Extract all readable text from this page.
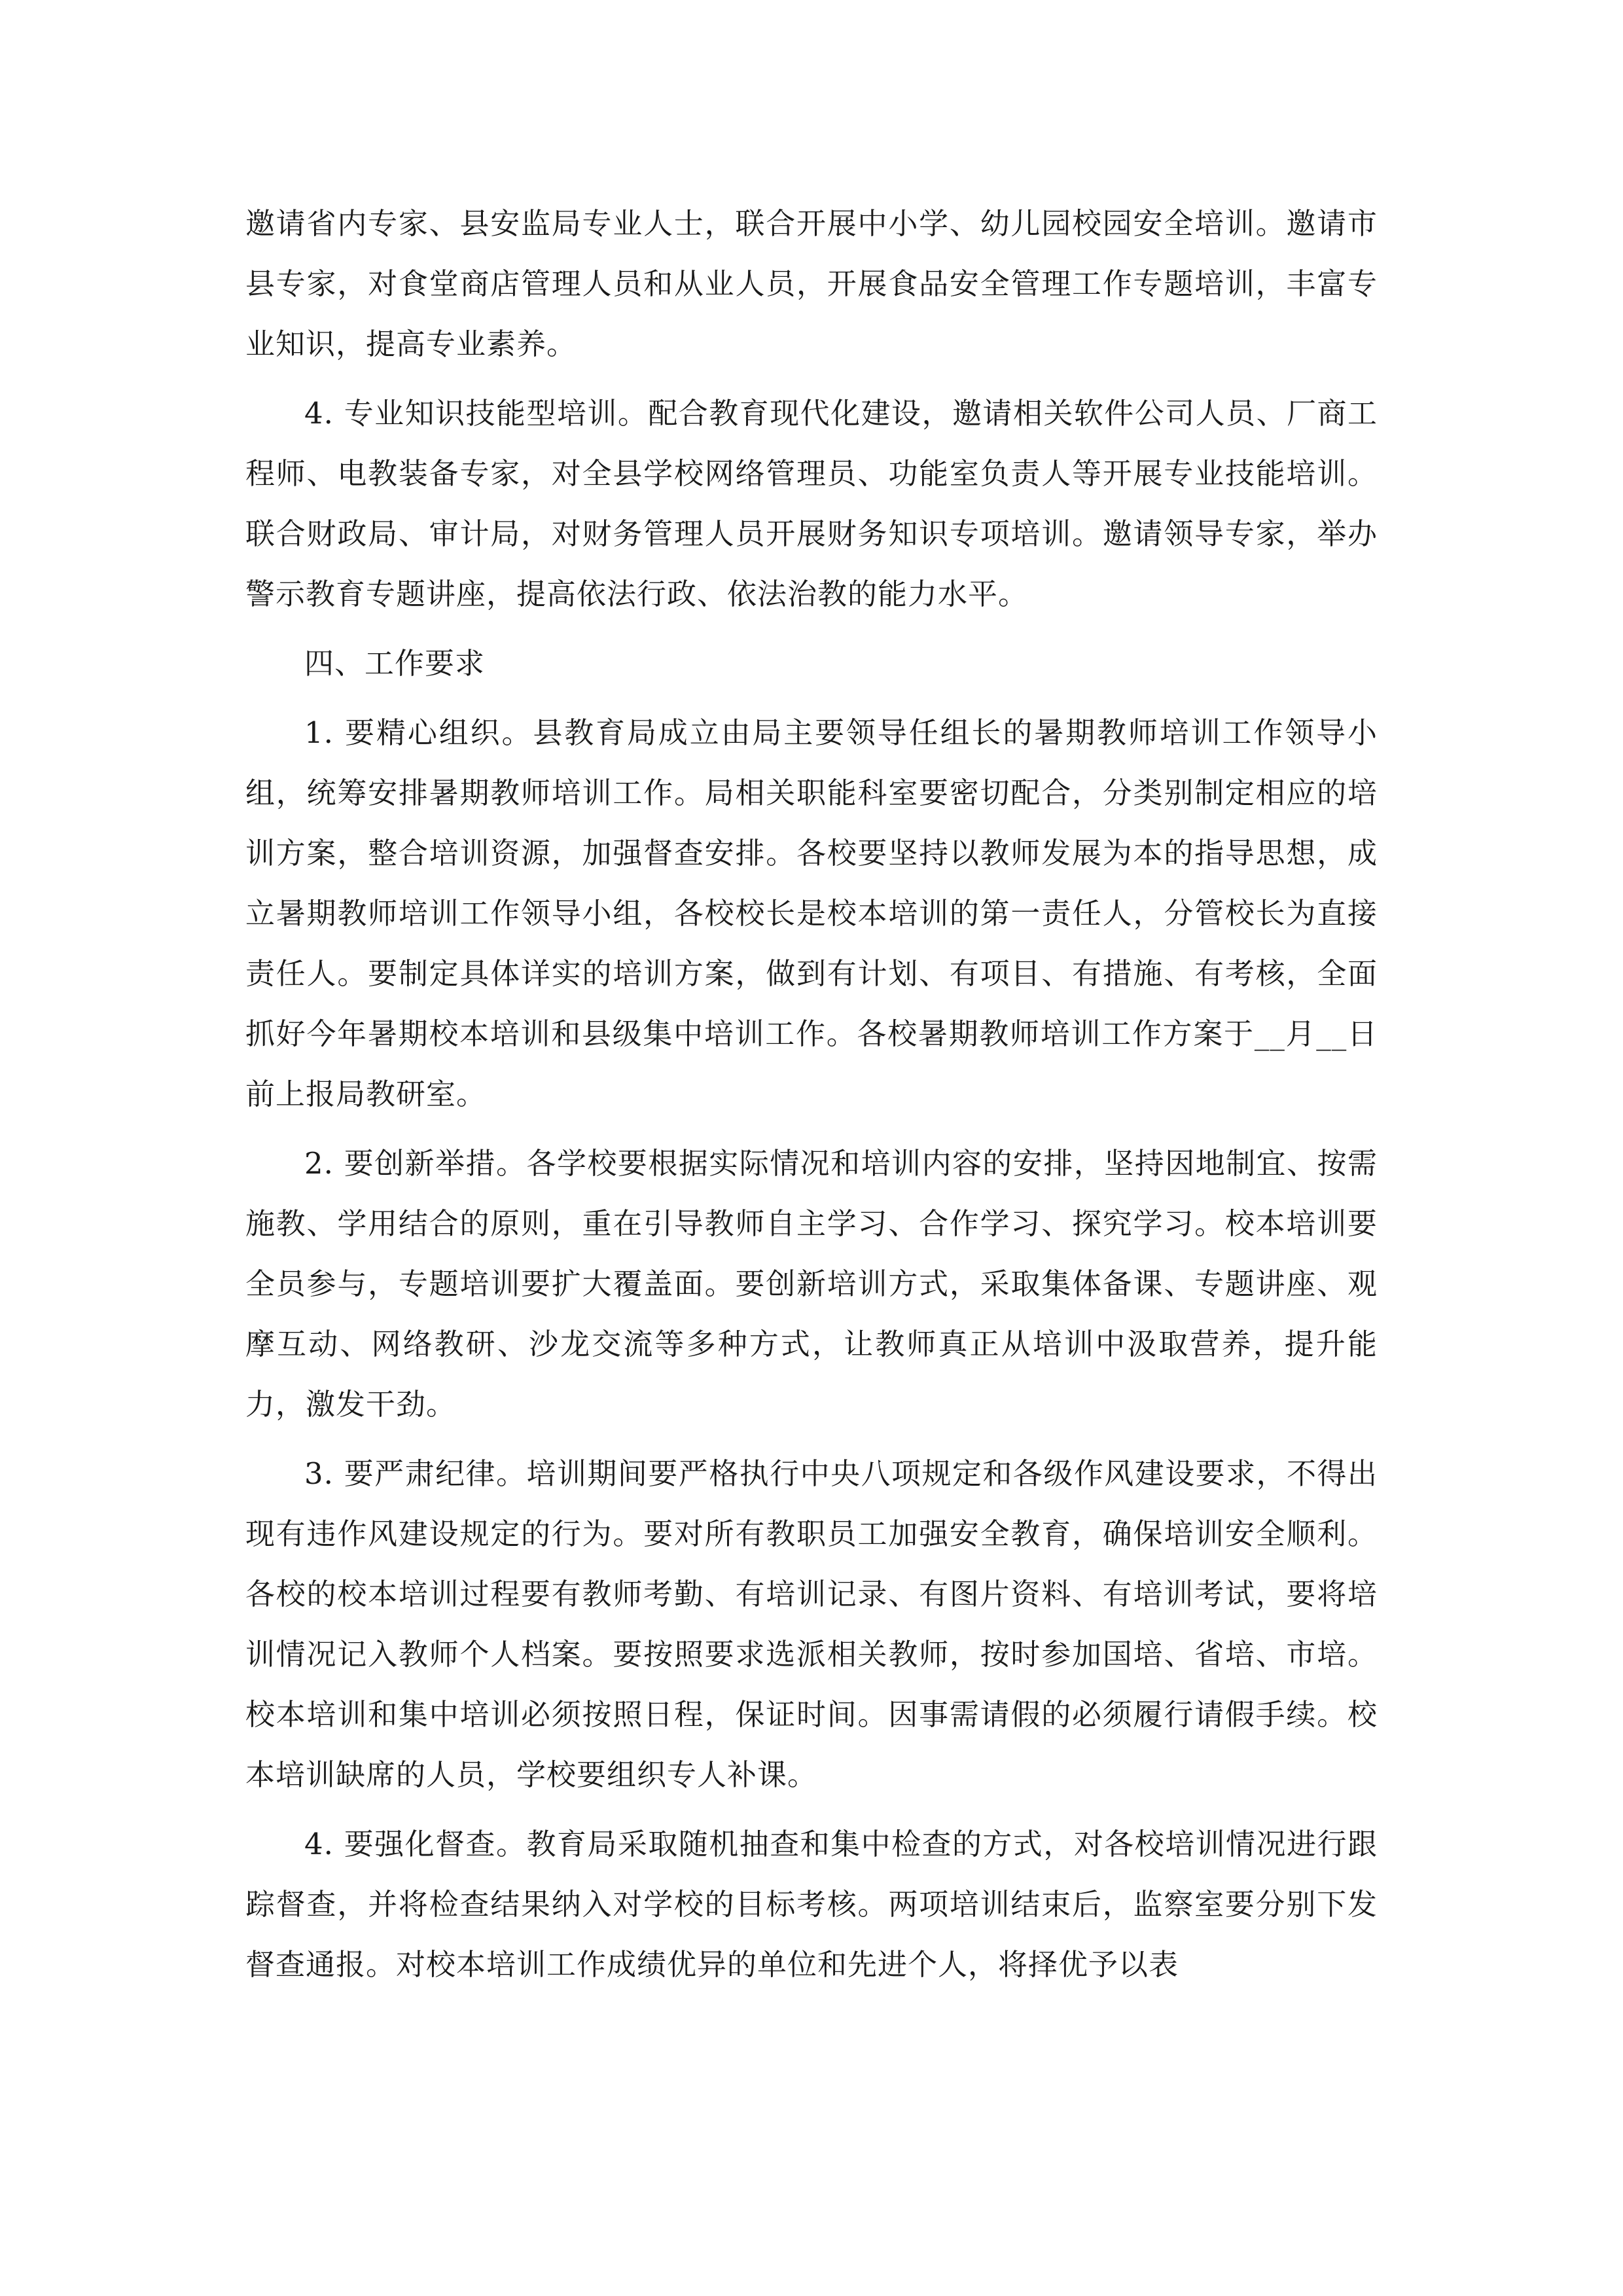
邀请省内专家、县安监局专业人士，联合开展中小学、幼儿园校园安全培训。邀请市县专家，对食堂商店管理人员和从业人员，开展食品安全管理工作专题培训，丰富专业知识，提高专业素养。

4. 专业知识技能型培训。配合教育现代化建设，邀请相关软件公司人员、厂商工程师、电教装备专家，对全县学校网络管理员、功能室负责人等开展专业技能培训。联合财政局、审计局，对财务管理人员开展财务知识专项培训。邀请领导专家，举办警示教育专题讲座，提高依法行政、依法治教的能力水平。

四、工作要求

1. 要精心组织。县教育局成立由局主要领导任组长的暑期教师培训工作领导小组，统筹安排暑期教师培训工作。局相关职能科室要密切配合，分类别制定相应的培训方案，整合培训资源，加强督查安排。各校要坚持以教师发展为本的指导思想，成立暑期教师培训工作领导小组，各校校长是校本培训的第一责任人，分管校长为直接责任人。要制定具体详实的培训方案，做到有计划、有项目、有措施、有考核，全面抓好今年暑期校本培训和县级集中培训工作。各校暑期教师培训工作方案于__月__日前上报局教研室。

2. 要创新举措。各学校要根据实际情况和培训内容的安排，坚持因地制宜、按需施教、学用结合的原则，重在引导教师自主学习、合作学习、探究学习。校本培训要全员参与，专题培训要扩大覆盖面。要创新培训方式，采取集体备课、专题讲座、观摩互动、网络教研、沙龙交流等多种方式，让教师真正从培训中汲取营养，提升能力，激发干劲。

3. 要严肃纪律。培训期间要严格执行中央八项规定和各级作风建设要求，不得出现有违作风建设规定的行为。要对所有教职员工加强安全教育，确保培训安全顺利。各校的校本培训过程要有教师考勤、有培训记录、有图片资料、有培训考试，要将培训情况记入教师个人档案。要按照要求选派相关教师，按时参加国培、省培、市培。校本培训和集中培训必须按照日程，保证时间。因事需请假的必须履行请假手续。校本培训缺席的人员，学校要组织专人补课。

4. 要强化督查。教育局采取随机抽查和集中检查的方式，对各校培训情况进行跟踪督查，并将检查结果纳入对学校的目标考核。两项培训结束后，监察室要分别下发督查通报。对校本培训工作成绩优异的单位和先进个人，将择优予以表
